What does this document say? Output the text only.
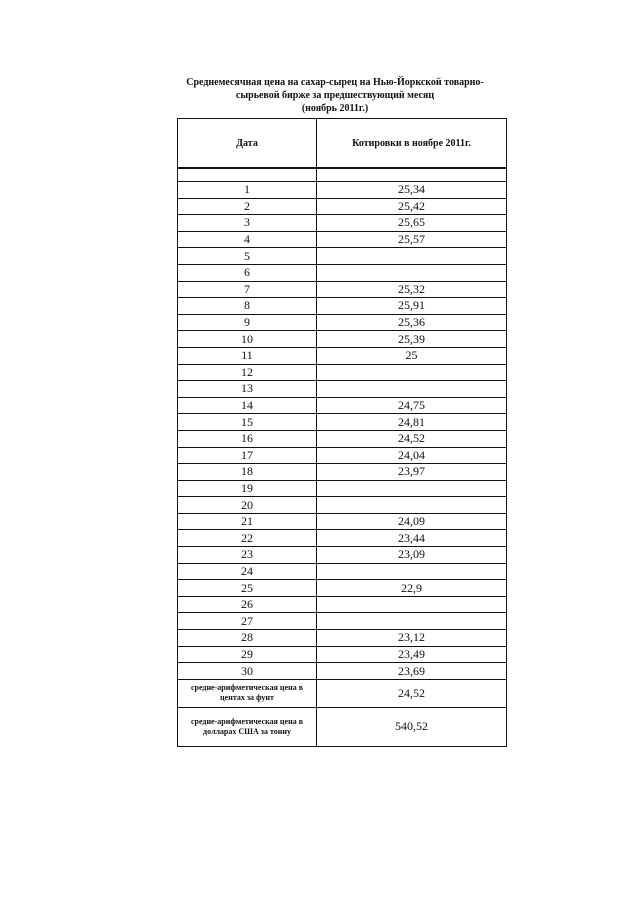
Среднемесячная цена на сахар-сырец на Нью-Йоркской товарно-
сырьевой бирже за предшествующий месяц
(ноябрь 2011г.)
Дата	Котировки в ноябре 2011г.

1	25,34
2	25,42
3	25,65
4	25,57
5	
6	
7	25,32
8	25,91
9	25,36
10	25,39
11	25
12	
13	
14	24,75
15	24,81
16	24,52
17	24,04
18	23,97
19	
20	
21	24,09
22	23,44
23	23,09
24	
25	22,9
26	
27	
28	23,12
29	23,49
30	23,69
средне-арифметическая цена в центах за фунт	24,52
средне-арифметическая цена в долларах США за тонну	540,52
